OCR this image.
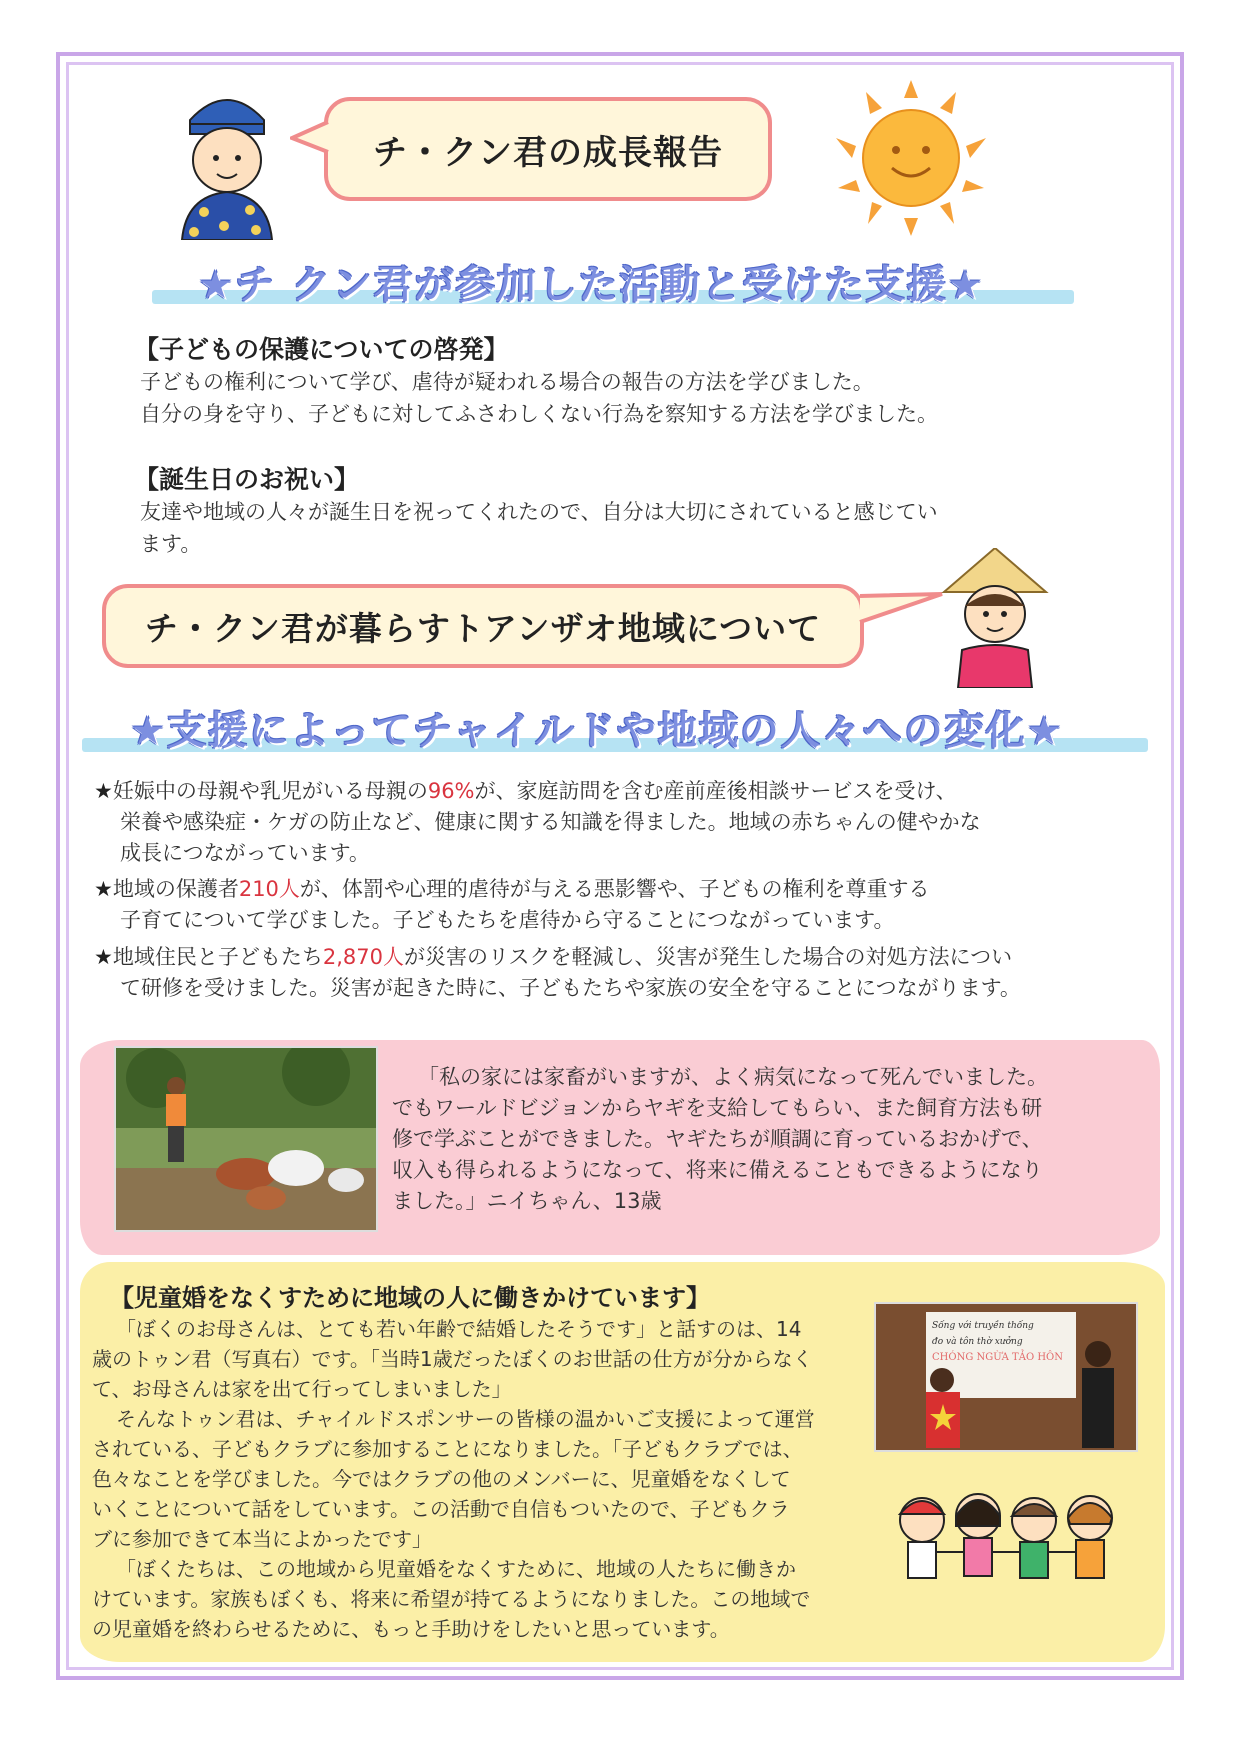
チ・クン君の成長報告
★チ クン君が参加した活動と受けた支援★
【子どもの保護についての啓発】
子どもの権利について学び、虐待が疑われる場合の報告の方法を学びました。
自分の身を守り、子どもに対してふさわしくない行為を察知する方法を学びました。
【誕生日のお祝い】
友達や地域の人々が誕生日を祝ってくれたので、自分は大切にされていると感じてい
ます。
チ・クン君が暮らすトアンザオ地域について
★支援によってチャイルドや地域の人々への変化★
★妊娠中の母親や乳児がいる母親の96%が、家庭訪問を含む産前産後相談サービスを受け、
栄養や感染症・ケガの防止など、健康に関する知識を得ました。地域の赤ちゃんの健やかな
成長につながっています。
★地域の保護者210人が、体罰や心理的虐待が与える悪影響や、子どもの権利を尊重する
子育てについて学びました。子どもたちを虐待から守ることにつながっています。
★地域住民と子どもたち2,870人が災害のリスクを軽減し、災害が発生した場合の対処方法につい
て研修を受けました。災害が起きた時に、子どもたちや家族の安全を守ることにつながります。
「私の家には家畜がいますが、よく病気になって死んでいました。
でもワールドビジョンからヤギを支給してもらい、また飼育方法も研
修で学ぶことができました。ヤギたちが順調に育っているおかげで、
収入も得られるようになって、将来に備えることもできるようになり
ました。」ニイちゃん、13歳
【児童婚をなくすために地域の人に働きかけています】
「ぼくのお母さんは、とても若い年齢で結婚したそうです」と話すのは、14
歳のトゥン君（写真右）です。「当時1歳だったぼくのお世話の仕方が分からなく
て、お母さんは家を出て行ってしまいました」
そんなトゥン君は、チャイルドスポンサーの皆様の温かいご支援によって運営
されている、子どもクラブに参加することになりました。「子どもクラブでは、
色々なことを学びました。今ではクラブの他のメンバーに、児童婚をなくして
いくことについて話をしています。この活動で自信もついたので、子どもクラ
ブに参加できて本当によかったです」
「ぼくたちは、この地域から児童婚をなくすために、地域の人たちに働きか
けています。家族もぼくも、将来に希望が持てるようになりました。この地域で
の児童婚を終わらせるために、もっと手助けをしたいと思っています。
Sống với truyền thống
đo và tôn thờ xưởng
CHÓNG NGỪA TẢO HÔN
